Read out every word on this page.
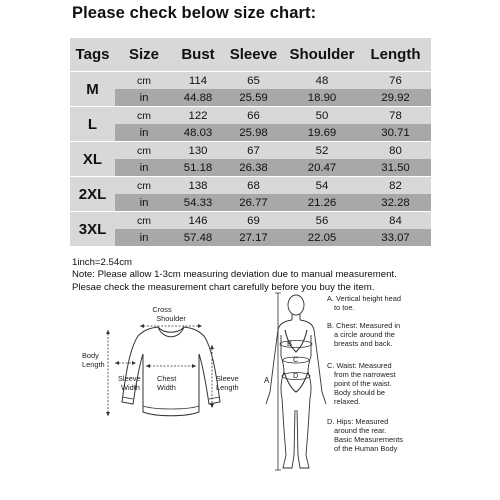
Please check below size chart:
Tags	Size	Bust	Sleeve	Shoulder	Length
M	cm	114	65	48	76
	in	44.88	25.59	18.90	29.92
L	cm	122	66	50	78
	in	48.03	25.98	19.69	30.71
XL	cm	130	67	52	80
	in	51.18	26.38	20.47	31.50
2XL	cm	138	68	54	82
	in	54.33	26.77	21.26	32.28
3XL	cm	146	69	56	84
	in	57.48	27.17	22.05	33.07
1inch=2.54cm
Note: Please allow 1-3cm measuring deviation due to manual measurement.
Plesae check the measurement chart carefully before you buy the item.
Cross
Shoulder
Body
Length
Sleeve
Width
Chest
Width
Sleeve
Length
A
B
C
D
A. Vertical height head
to toe.
B. Chest: Measured in
a circle around the
breasts and back.
C. Waist: Measured
from the narrowest
point of the waist.
Body should be
relaxed.
D. Hips: Measured
around the rear.
Basic Measurements
of the Human Body
